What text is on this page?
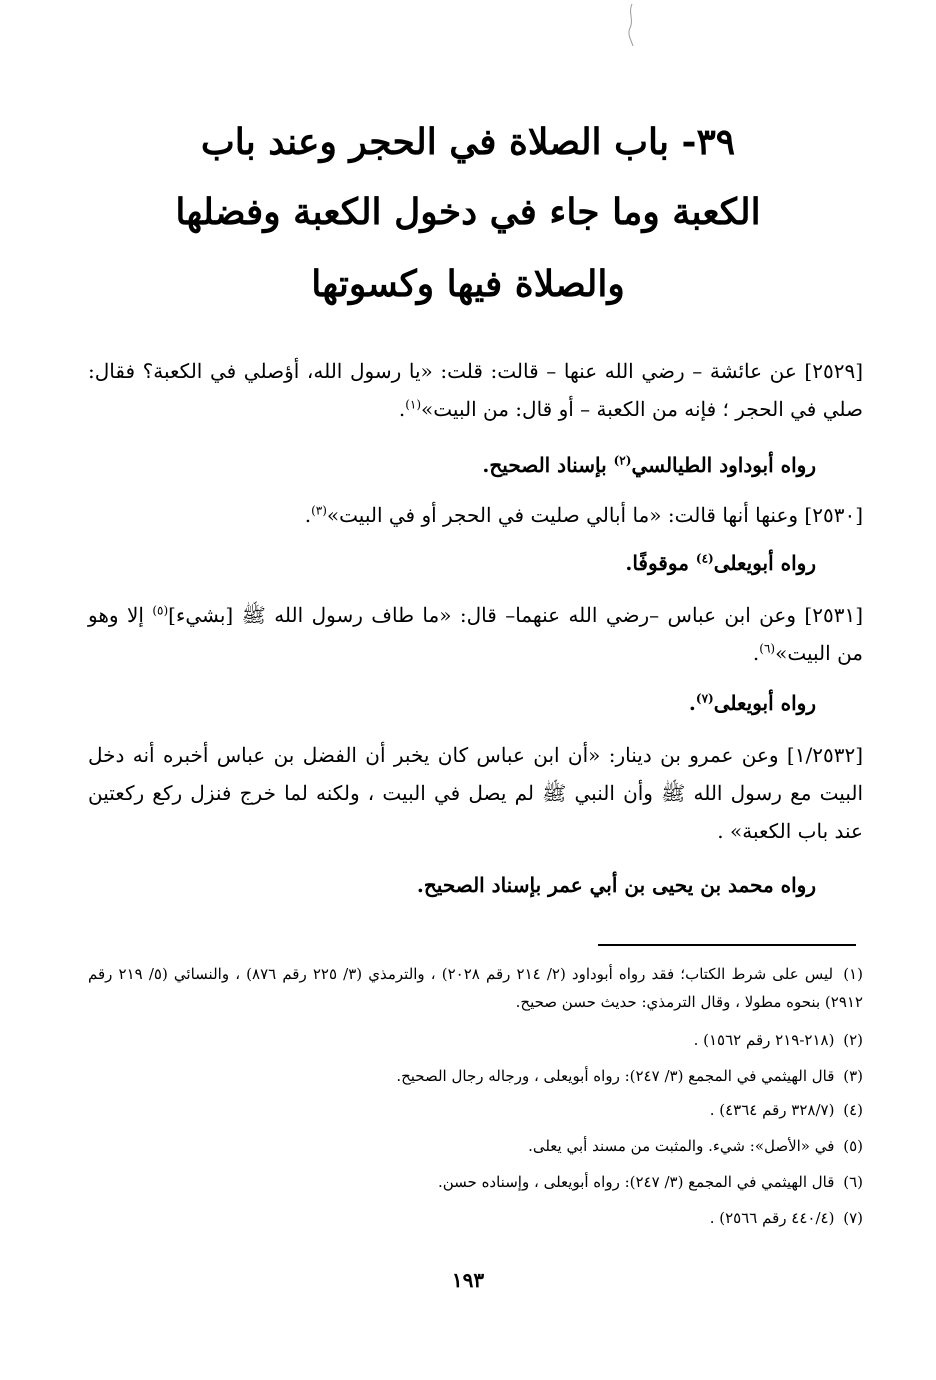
٣٩- باب الصلاة في الحجر وعند باب
الكعبة وما جاء في دخول الكعبة وفضلها
والصلاة فيها وكسوتها
[٢٥٢٩] عن عائشة – رضي الله عنها – قالت: قلت: «يا رسول الله، أؤصلي في الكعبة؟ فقال: صلي في الحجر ؛ فإنه من الكعبة – أو قال: من البيت»$^{(١)}$.
رواه أبوداود الطيالسي$^{(٢)}$ بإسناد الصحيح.
[٢٥٣٠] وعنها أنها قالت: «ما أبالي صليت في الحجر أو في البيت»$^{(٣)}$.
رواه أبويعلى$^{(٤)}$ موقوفًا.
[٢٥٣١] وعن ابن عباس –رضي الله عنهما– قال: «ما طاف رسول الله ﷺ [بشيء]$^{(٥)}$ إلا وهو من البيت»$^{(٦)}$.
رواه أبويعلى$^{(٧)}$.
[١/٢٥٣٢] وعن عمرو بن دينار: «أن ابن عباس كان يخبر أن الفضل بن عباس أخبره أنه دخل البيت مع رسول الله ﷺ وأن النبي ﷺ لم يصل في البيت ، ولكنه لما خرج فنزل ركع ركعتين عند باب الكعبة» .
رواه محمد بن يحيى بن أبي عمر بإسناد الصحيح.
(١) ليس على شرط الكتاب؛ فقد رواه أبوداود (٢/ ٢١٤ رقم ٢٠٢٨) ، والترمذي (٣/ ٢٢٥ رقم ٨٧٦) ، والنسائي (٥/ ٢١٩ رقم ٢٩١٢) بنحوه مطولا ، وقال الترمذي: حديث حسن صحيح.
(٢) (٢١٨-٢١٩ رقم ١٥٦٢) .
(٣) قال الهيثمي في المجمع (٣/ ٢٤٧): رواه أبويعلى ، ورجاله رجال الصحيح.
(٤) (٣٢٨/٧ رقم ٤٣٦٤) .
(٥) في «الأصل»: شيء. والمثبت من مسند أبي يعلى.
(٦) قال الهيثمي في المجمع (٣/ ٢٤٧): رواه أبويعلى ، وإسناده حسن.
(٧) (٤٤٠/٤ رقم ٢٥٦٦) .
١٩٣
